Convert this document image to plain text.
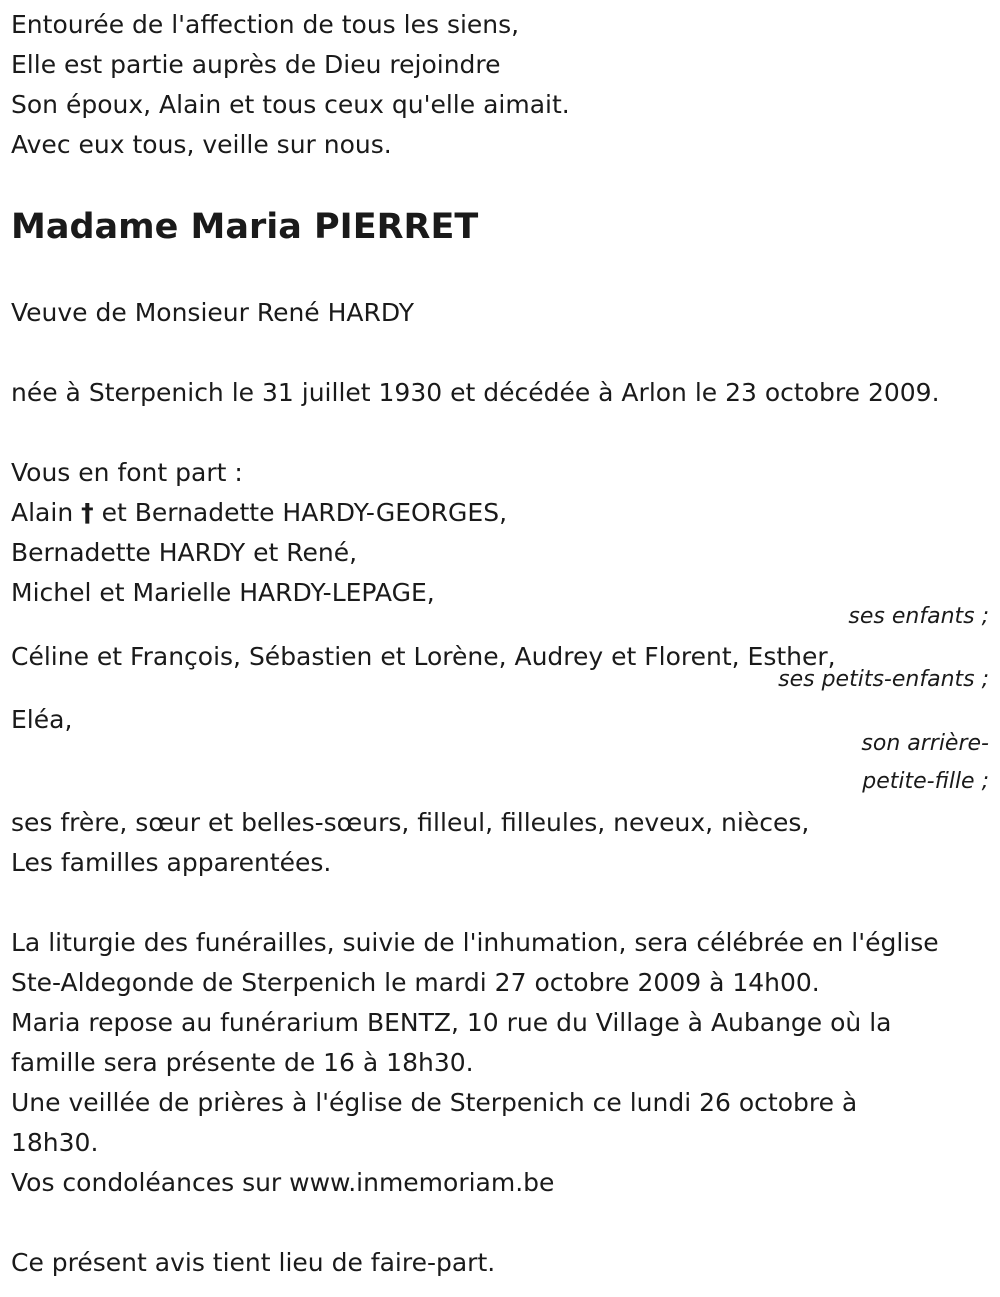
Entourée de l'affection de tous les siens,
Elle est partie auprès de Dieu rejoindre
Son époux, Alain et tous ceux qu'elle aimait.
Avec eux tous, veille sur nous.
Madame Maria PIERRET
Veuve de Monsieur René HARDY
née à Sterpenich le 31 juillet 1930 et décédée à Arlon le 23 octobre 2009.
Vous en font part :
Alain † et Bernadette HARDY-GEORGES,
Bernadette HARDY et René,
Michel et Marielle HARDY-LEPAGE,
ses enfants ;
Céline et François, Sébastien et Lorène, Audrey et Florent, Esther,
ses petits-enfants ;
Eléa,
son arrière-
petite-fille ;
ses frère, sœur et belles-sœurs, filleul, filleules, neveux, nièces,
Les familles apparentées.
La liturgie des funérailles, suivie de l'inhumation, sera célébrée en l'église
Ste-Aldegonde de Sterpenich le mardi 27 octobre 2009 à 14h00.
Maria repose au funérarium BENTZ, 10 rue du Village à Aubange où la
famille sera présente de 16 à 18h30.
Une veillée de prières à l'église de Sterpenich ce lundi 26 octobre à
18h30.
Vos condoléances sur www.inmemoriam.be
Ce présent avis tient lieu de faire-part.
